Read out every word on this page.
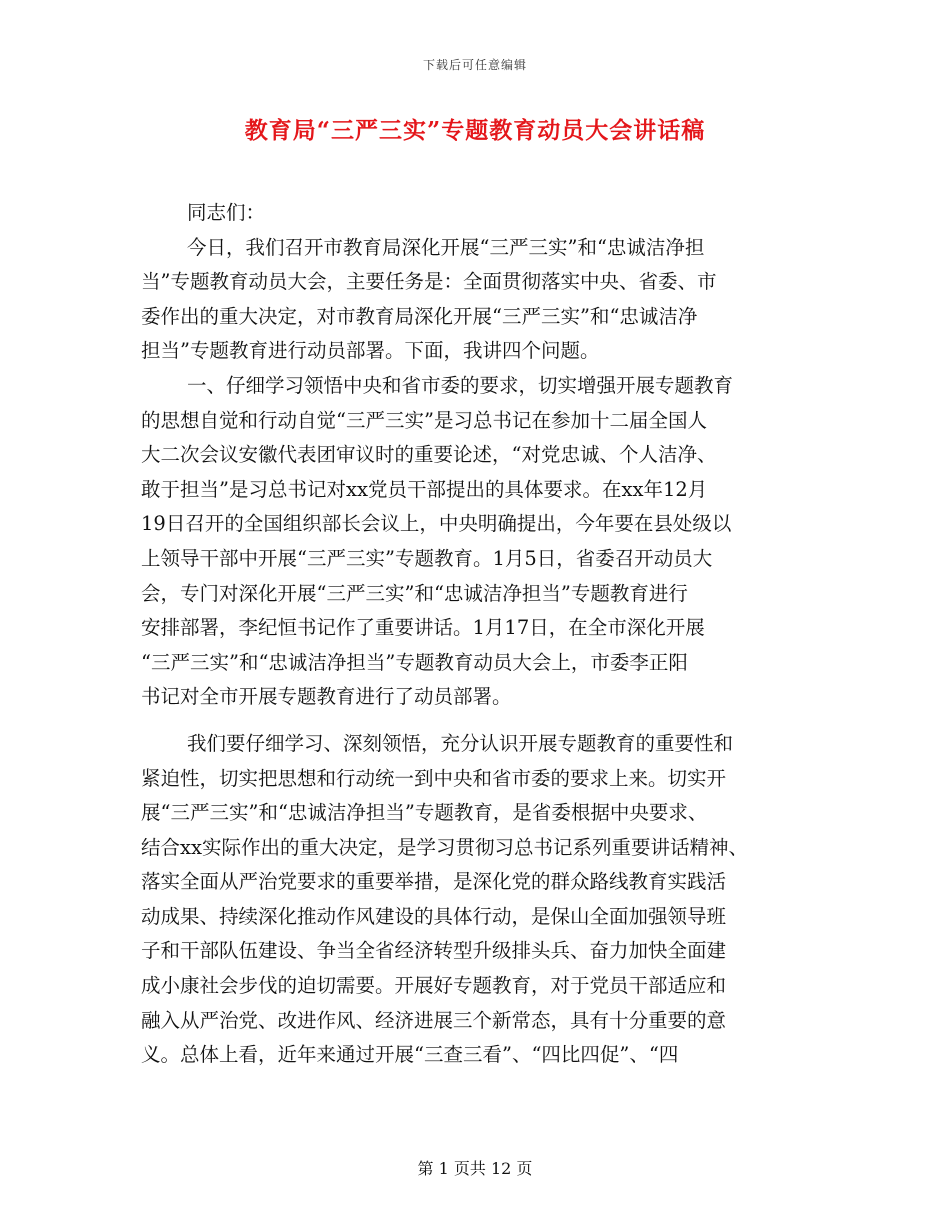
下载后可任意编辑
教育局“三严三实”专题教育动员大会讲话稿
同志们：
今日，我们召开市教育局深化开展“三严三实”和“忠诚洁净担
当”专题教育动员大会，主要任务是：全面贯彻落实中央、省委、市
委作出的重大决定，对市教育局深化开展“三严三实”和“忠诚洁净
担当”专题教育进行动员部署。下面，我讲四个问题。
一、仔细学习领悟中央和省市委的要求，切实增强开展专题教育
的思想自觉和行动自觉“三严三实”是习总书记在参加十二届全国人
大二次会议安徽代表团审议时的重要论述，“对党忠诚、个人洁净、
敢于担当”是习总书记对xx党员干部提出的具体要求。在xx年12月
19日召开的全国组织部长会议上，中央明确提出，今年要在县处级以
上领导干部中开展“三严三实”专题教育。1月5日，省委召开动员大
会，专门对深化开展“三严三实”和“忠诚洁净担当”专题教育进行
安排部署，李纪恒书记作了重要讲话。1月17日，在全市深化开展
“三严三实”和“忠诚洁净担当”专题教育动员大会上，市委李正阳
书记对全市开展专题教育进行了动员部署。
我们要仔细学习、深刻领悟，充分认识开展专题教育的重要性和
紧迫性，切实把思想和行动统一到中央和省市委的要求上来。切实开
展“三严三实”和“忠诚洁净担当”专题教育，是省委根据中央要求、
结合xx实际作出的重大决定，是学习贯彻习总书记系列重要讲话精神、
落实全面从严治党要求的重要举措，是深化党的群众路线教育实践活
动成果、持续深化推动作风建设的具体行动，是保山全面加强领导班
子和干部队伍建设、争当全省经济转型升级排头兵、奋力加快全面建
成小康社会步伐的迫切需要。开展好专题教育，对于党员干部适应和
融入从严治党、改进作风、经济进展三个新常态，具有十分重要的意
义。总体上看，近年来通过开展“三查三看”、“四比四促”、“四
第 1 页共 12 页
